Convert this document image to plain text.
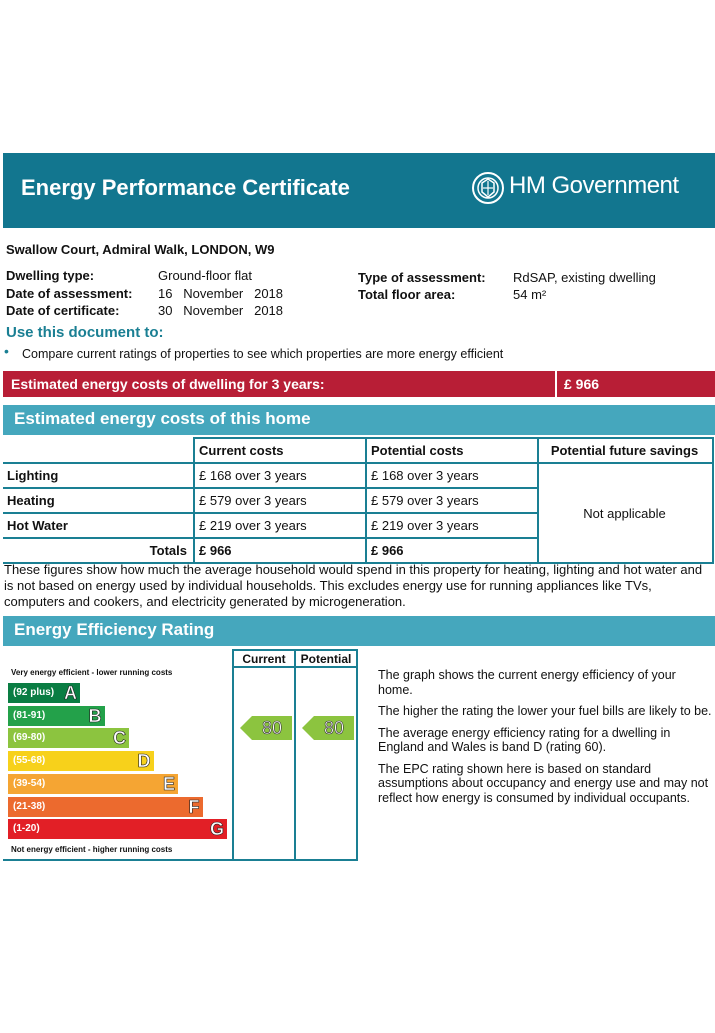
Energy Performance Certificate	HM Government
Swallow Court, Admiral Walk, LONDON, W9
Dwelling type:	Ground-floor flat
Date of assessment: 16   November   2018
Date of certificate:	30   November   2018
Type of assessment: RdSAP, existing dwelling
Total floor area:	54 m²
Use this document to:
• Compare current ratings of properties to see which properties are more energy efficient
Estimated energy costs of dwelling for 3 years:	£ 966
Estimated energy costs of this home
	Current costs	Potential costs	Potential future savings
Lighting	£ 168 over 3 years	£ 168 over 3 years	Not applicable
Heating	£ 579 over 3 years	£ 579 over 3 years	
Hot Water	£ 219 over 3 years	£ 219 over 3 years	
Totals	£ 966	£ 966	
These figures show how much the average household would spend in this property for heating, lighting and hot water and is not based on energy used by individual households. This excludes energy use for running appliances like TVs, computers and cookers, and electricity generated by microgeneration.
Energy Efficiency Rating
Current	Potential
Very energy efficient - lower running costs
Not energy efficient - higher running costs
(92 plus) A
(81-91) B
(69-80)	C
(55-68)	D
(39-54)	E
(21-38)	F
(1-20)	G
80	80

The graph shows the current energy efficiency of your home.

The higher the rating the lower your fuel bills are likely to be.

The average energy efficiency rating for a dwelling in England and Wales is band D (rating 60).

The EPC rating shown here is based on standard assumptions about occupancy and energy use and may not reflect how energy is consumed by individual occupants.
